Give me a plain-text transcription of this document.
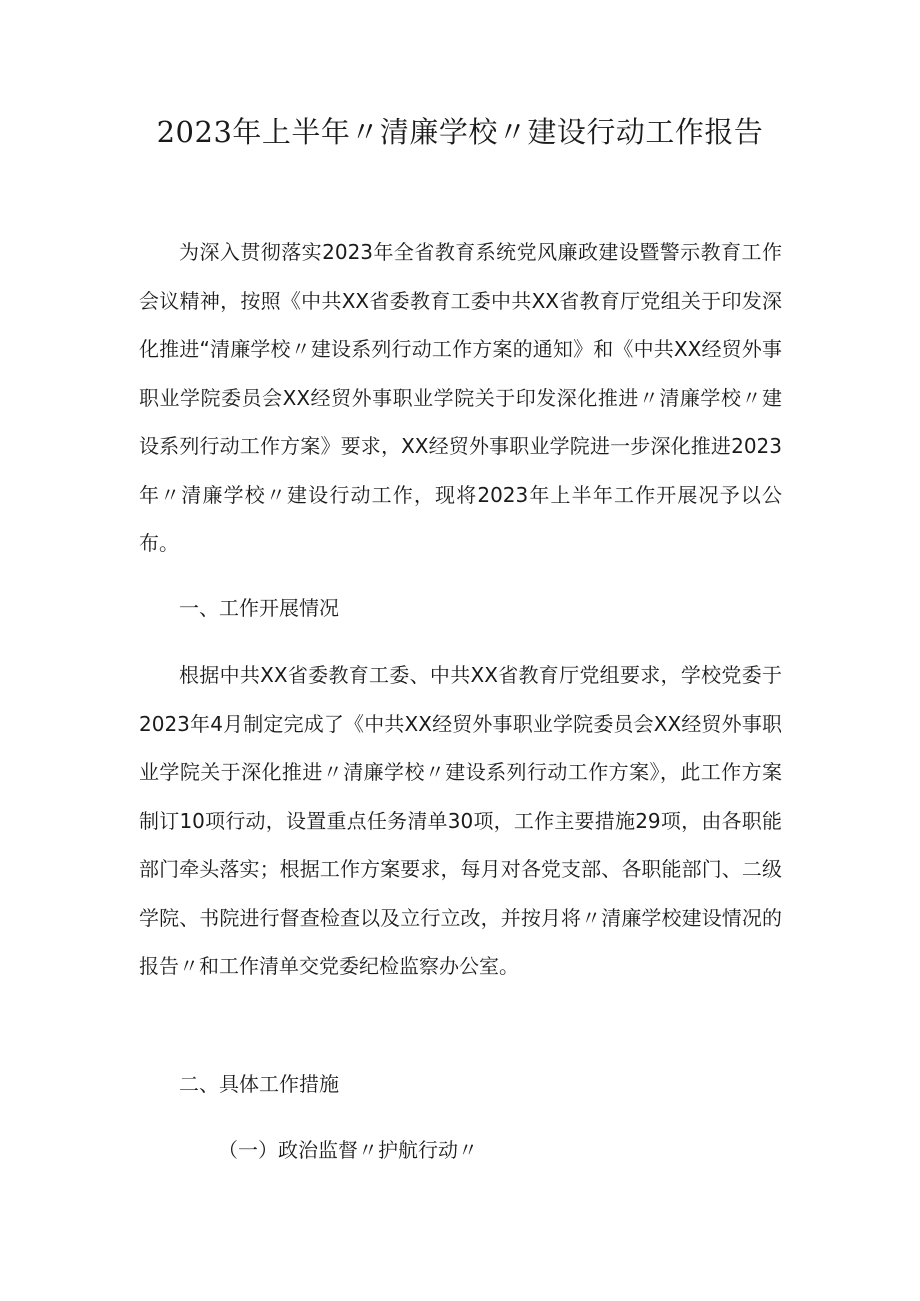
2023年上半年〃清廉学校〃建设行动工作报告

为深入贯彻落实2023年全省教育系统党风廉政建设暨警示教育工作会议精神，按照《中共XX省委教育工委中共XX省教育厅党组关于印发深化推进“清廉学校〃建设系列行动工作方案的通知》和《中共XX经贸外事职业学院委员会XX经贸外事职业学院关于印发深化推进〃清廉学校〃建设系列行动工作方案》要求，XX经贸外事职业学院进一步深化推进2023年〃清廉学校〃建设行动工作，现将2023年上半年工作开展况予以公布。

一、工作开展情况

根据中共XX省委教育工委、中共XX省教育厅党组要求，学校党委于2023年4月制定完成了《中共XX经贸外事职业学院委员会XX经贸外事职业学院关于深化推进〃清廉学校〃建设系列行动工作方案》，此工作方案制订10项行动，设置重点任务清单30项，工作主要措施29项，由各职能部门牵头落实；根据工作方案要求，每月对各党支部、各职能部门、二级学院、书院进行督查检查以及立行立改，并按月将〃清廉学校建设情况的报告〃和工作清单交党委纪检监察办公室。

二、具体工作措施

（一）政治监督〃护航行动〃
